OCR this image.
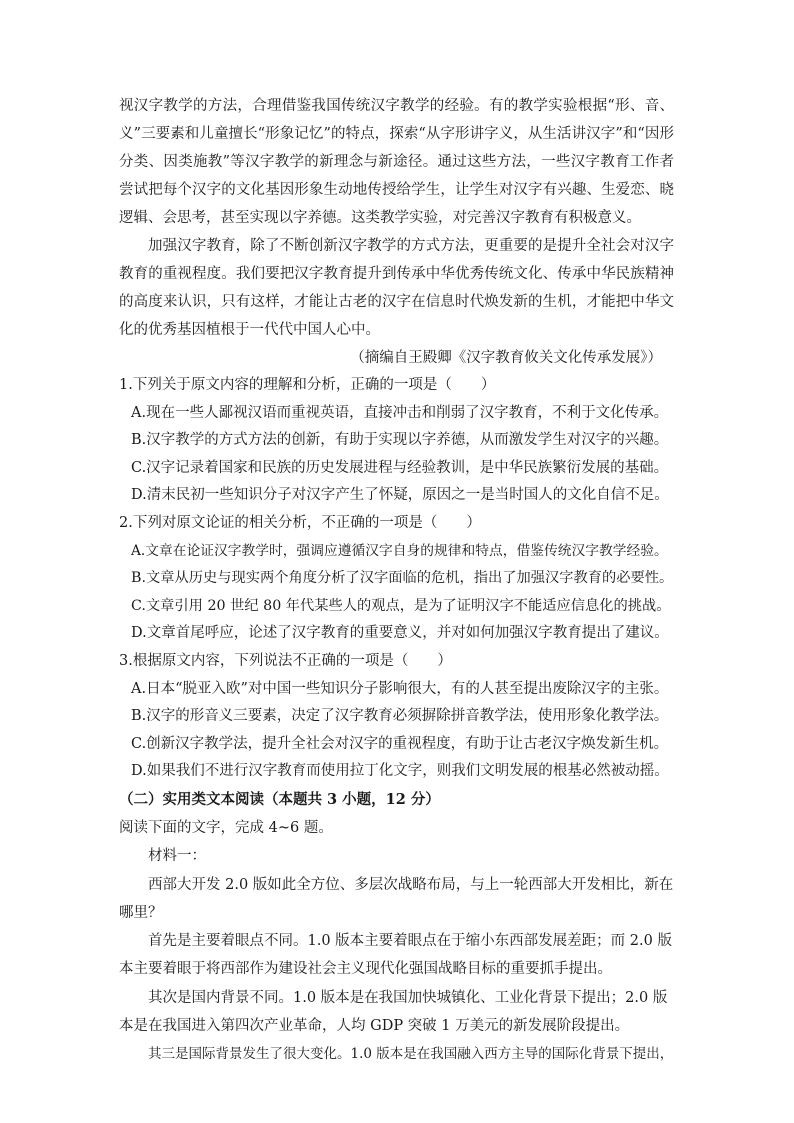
视汉字教学的方法，合理借鉴我国传统汉字教学的经验。有的教学实验根据“形、音、义”三要素和儿童擅长“形象记忆”的特点，探索“从字形讲字义，从生活讲汉字”和“因形分类、因类施教”等汉字教学的新理念与新途径。通过这些方法，一些汉字教育工作者尝试把每个汉字的文化基因形象生动地传授给学生，让学生对汉字有兴趣、生爱恋、晓逻辑、会思考，甚至实现以字养德。这类教学实验，对完善汉字教育有积极意义。

加强汉字教育，除了不断创新汉字教学的方式方法，更重要的是提升全社会对汉字教育的重视程度。我们要把汉字教育提升到传承中华优秀传统文化、传承中华民族精神的高度来认识，只有这样，才能让古老的汉字在信息时代焕发新的生机，才能把中华文化的优秀基因植根于一代代中国人心中。

（摘编自王殿卿《汉字教育攸关文化传承发展》）

1.下列关于原文内容的理解和分析，正确的一项是（　　）

A.现在一些人鄙视汉语而重视英语，直接冲击和削弱了汉字教育，不利于文化传承。

B.汉字教学的方式方法的创新，有助于实现以字养德，从而激发学生对汉字的兴趣。

C.汉字记录着国家和民族的历史发展进程与经验教训，是中华民族繁衍发展的基础。

D.清末民初一些知识分子对汉字产生了怀疑，原因之一是当时国人的文化自信不足。

2.下列对原文论证的相关分析，不正确的一项是（　　）

A.文章在论证汉字教学时，强调应遵循汉字自身的规律和特点，借鉴传统汉字教学经验。

B.文章从历史与现实两个角度分析了汉字面临的危机，指出了加强汉字教育的必要性。

C.文章引用 20 世纪 80 年代某些人的观点，是为了证明汉字不能适应信息化的挑战。

D.文章首尾呼应，论述了汉字教育的重要意义，并对如何加强汉字教育提出了建议。

3.根据原文内容，下列说法不正确的一项是（　　）

A.日本“脱亚入欧”对中国一些知识分子影响很大，有的人甚至提出废除汉字的主张。

B.汉字的形音义三要素，决定了汉字教育必须摒除拼音教学法，使用形象化教学法。

C.创新汉字教学法，提升全社会对汉字的重视程度，有助于让古老汉字焕发新生机。

D.如果我们不进行汉字教育而使用拉丁化文字，则我们文明发展的根基必然被动摇。

（二）实用类文本阅读（本题共 3 小题，12 分）

阅读下面的文字，完成 4~6 题。

材料一：

西部大开发 2.0 版如此全方位、多层次战略布局，与上一轮西部大开发相比，新在哪里？

首先是主要着眼点不同。1.0 版本主要着眼点在于缩小东西部发展差距；而 2.0 版本主要着眼于将西部作为建设社会主义现代化强国战略目标的重要抓手提出。

其次是国内背景不同。1.0 版本是在我国加快城镇化、工业化背景下提出；2.0 版本是在我国进入第四次产业革命，人均 GDP 突破 1 万美元的新发展阶段提出。

其三是国际背景发生了很大变化。1.0 版本是在我国融入西方主导的国际化背景下提出，
